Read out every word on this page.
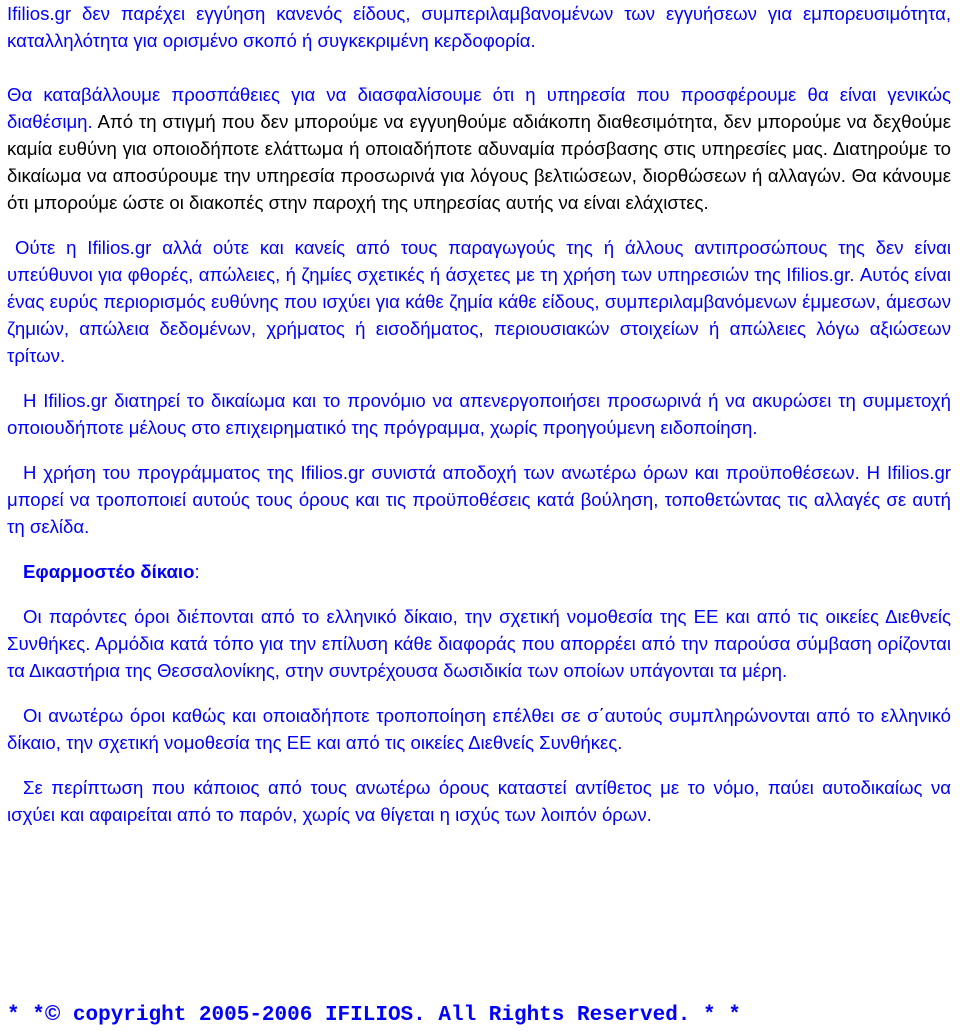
Ifilios.gr δεν παρέχει εγγύηση κανενός είδους, συμπεριλαμβανομένων των εγγυήσεων για εμπορευσιμότητα, καταλληλότητα για ορισμένο σκοπό ή συγκεκριμένη κερδοφορία.

Θα καταβάλλουμε προσπάθειες για να διασφαλίσουμε ότι η υπηρεσία που προσφέρουμε θα είναι γενικώς διαθέσιμη. Από τη στιγμή που δεν μπορούμε να εγγυηθούμε αδιάκοπη διαθεσιμότητα, δεν μπορούμε να δεχθούμε καμία ευθύνη για οποιοδήποτε ελάττωμα ή οποιαδήποτε αδυναμία πρόσβασης στις υπηρεσίες μας. Διατηρούμε το δικαίωμα να αποσύρουμε την υπηρεσία προσωρινά για λόγους βελτιώσεων, διορθώσεων ή αλλαγών. Θα κάνουμε ότι μπορούμε ώστε οι διακοπές στην παροχή της υπηρεσίας αυτής να είναι ελάχιστες.

Ούτε η Ifilios.gr αλλά ούτε και κανείς από τους παραγωγούς της ή άλλους αντιπροσώπους της δεν είναι υπεύθυνοι για φθορές, απώλειες, ή ζημίες σχετικές ή άσχετες με τη χρήση των υπηρεσιών της Ifilios.gr. Αυτός είναι ένας ευρύς περιορισμός ευθύνης που ισχύει για κάθε ζημία κάθε είδους, συμπεριλαμβανόμενων έμμεσων, άμεσων ζημιών, απώλεια δεδομένων, χρήματος ή εισοδήματος, περιουσιακών στοιχείων ή απώλειες λόγω αξιώσεων τρίτων.

Η Ifilios.gr διατηρεί το δικαίωμα και το προνόμιο να απενεργοποιήσει προσωρινά ή να ακυρώσει τη συμμετοχή οποιουδήποτε μέλους στο επιχειρηματικό της πρόγραμμα, χωρίς προηγούμενη ειδοποίηση.

Η χρήση του προγράμματος της Ifilios.gr συνιστά αποδοχή των ανωτέρω όρων και προϋποθέσεων. Η Ifilios.gr μπορεί να τροποποιεί αυτούς τους όρους και τις προϋποθέσεις κατά βούληση, τοποθετώντας τις αλλαγές σε αυτή τη σελίδα.

Εφαρμοστέο δίκαιο:

Οι παρόντες όροι διέπονται από το ελληνικό δίκαιο, την σχετική νομοθεσία της ΕΕ και από τις οικείες Διεθνείς Συνθήκες. Αρμόδια κατά τόπο για την επίλυση κάθε διαφοράς που απορρέει από την παρούσα σύμβαση ορίζονται τα Δικαστήρια της Θεσσαλονίκης, στην συντρέχουσα δωσιδικία των οποίων υπάγονται τα μέρη.

Οι ανωτέρω όροι καθώς και οποιαδήποτε τροποποίηση επέλθει σε σ΄αυτούς συμπληρώνονται από το ελληνικό δίκαιο, την σχετική νομοθεσία της ΕΕ και από τις οικείες Διεθνείς Συνθήκες.

Σε περίπτωση που κάποιος από τους ανωτέρω όρους καταστεί αντίθετος με το νόμο, παύει αυτοδικαίως να ισχύει και αφαιρείται από το παρόν, χωρίς να θίγεται η ισχύς των λοιπόν όρων.

* *© copyright 2005-2006 IFILIOS. All Rights Reserved. * *
